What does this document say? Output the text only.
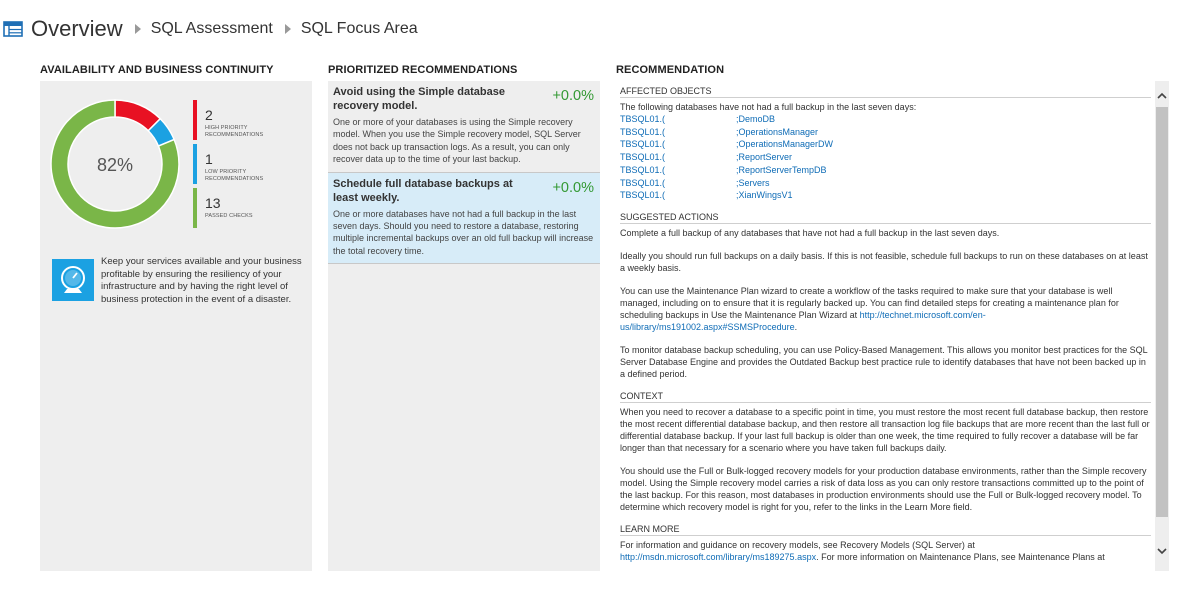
Overview SQL Assessment SQL Focus Area
AVAILABILITY AND BUSINESS CONTINUITY	PRIORITIZED RECOMMENDATIONS	RECOMMENDATION
82%
2
HIGH PRIORITY
RECOMMENDATIONS
1
LOW PRIORITY
RECOMMENDATIONS
13
PASSED CHECKS
Keep your services available and your business profitable by ensuring the resiliency of your infrastructure and by having the right level of business protection in the event of a disaster.
Avoid using the Simple database recovery model.
+0.0%
One or more of your databases is using the Simple recovery model. When you use the Simple recovery model, SQL Server does not back up transaction logs. As a result, you can only recover data up to the time of your last backup.
Schedule full database backups at least weekly.
+0.0%
One or more databases have not had a full backup in the last seven days. Should you need to restore a database, restoring multiple incremental backups over an old full backup will increase the total recovery time.
AFFECTED OBJECTS
The following databases have not had a full backup in the last seven days:
TBSQL01.(	;DemoDB
TBSQL01.(	;OperationsManager
TBSQL01.(	;OperationsManagerDW
TBSQL01.(	;ReportServer
TBSQL01.(	;ReportServerTempDB
TBSQL01.(	;Servers
TBSQL01.(	;XianWingsV1
SUGGESTED ACTIONS
Complete a full backup of any databases that have not had a full backup in the last seven days.
Ideally you should run full backups on a daily basis. If this is not feasible, schedule full backups to run on these databases on at least a weekly basis.
You can use the Maintenance Plan wizard to create a workflow of the tasks required to make sure that your database is well managed, including on to ensure that it is regularly backed up. You can find detailed steps for creating a maintenance plan for scheduling backups in Use the Maintenance Plan Wizard at http://technet.microsoft.com/en-us/library/ms191002.aspx#SSMSProcedure.
To monitor database backup scheduling, you can use Policy-Based Management. This allows you monitor best practices for the SQL Server Database Engine and provides the Outdated Backup best practice rule to identify databases that have not been backed up in a defined period.
CONTEXT
When you need to recover a database to a specific point in time, you must restore the most recent full database backup, then restore the most recent differential database backup, and then restore all transaction log file backups that are more recent than the last full or differential database backup. If your last full backup is older than one week, the time required to fully recover a database will be far longer than that necessary for a scenario where you have taken full backups daily.
You should use the Full or Bulk-logged recovery models for your production database environments, rather than the Simple recovery model. Using the Simple recovery model carries a risk of data loss as you can only restore transactions committed up to the point of the last backup. For this reason, most databases in production environments should use the Full or Bulk-logged recovery model. To determine which recovery model is right for you, refer to the links in the Learn More field.
LEARN MORE
For information and guidance on recovery models, see Recovery Models (SQL Server) at
http://msdn.microsoft.com/library/ms189275.aspx. For more information on Maintenance Plans, see Maintenance Plans at
